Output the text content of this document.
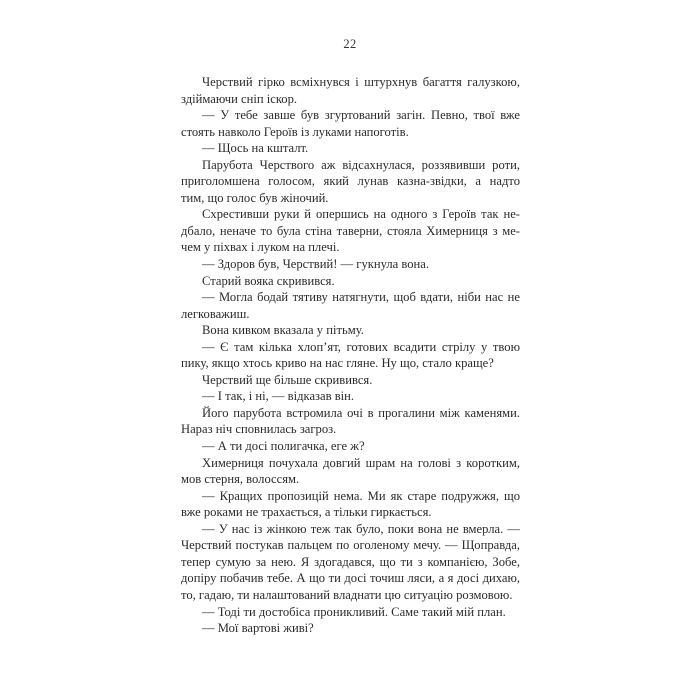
22

Черствий гірко всміхнувся і штурхнув багаття галузкою,
здіймаючи сніп іскор.

— У тебе завше був згуртований загін. Певно, твої вже
стоять навколо Героїв із луками напоготів.

— Щось на кшталт.

Парубота Черствого аж відсахнулася, роззявивши роти,
приголомшена голосом, який лунав казна-звідки, а надто
тим, що голос був жіночий.

Схрестивши руки й опершись на одного з Героїв так не-
дбало, неначе то була стіна таверни, стояла Химерниця з ме-
чем у піхвах і луком на плечі.

— Здоров був, Черствий! — гукнула вона.

Старий вояка скривився.

— Могла бодай тятиву натягнути, щоб вдати, ніби нас не
легковажиш.

Вона кивком вказала у пітьму.

— Є там кілька хлоп’ят, готових всадити стрілу у твою
пику, якщо хтось криво на нас гляне. Ну що, стало краще?

Черствий ще більше скривився.

— І так, і ні, — відказав він.

Його парубота встромила очі в прогалини між каменями.
Нараз ніч сповнилась загроз.

— А ти досі полигачка, еге ж?

Химерниця почухала довгий шрам на голові з коротким,
мов стерня, волоссям.

— Кращих пропозицій нема. Ми як старе подружжя, що
вже роками не трахається, а тільки гиркається.

— У нас із жінкою теж так було, поки вона не вмерла. —
Черствий постукав пальцем по оголеному мечу. — Щоправда,
тепер сумую за нею. Я здогадався, що ти з компанією, Зобе,
допіру побачив тебе. А що ти досі точиш ляси, а я досі дихаю,
то, гадаю, ти налаштований владнати цю ситуацію розмовою.

— Тоді ти достобіса проникливий. Саме такий мій план.

— Мої вартові живі?
